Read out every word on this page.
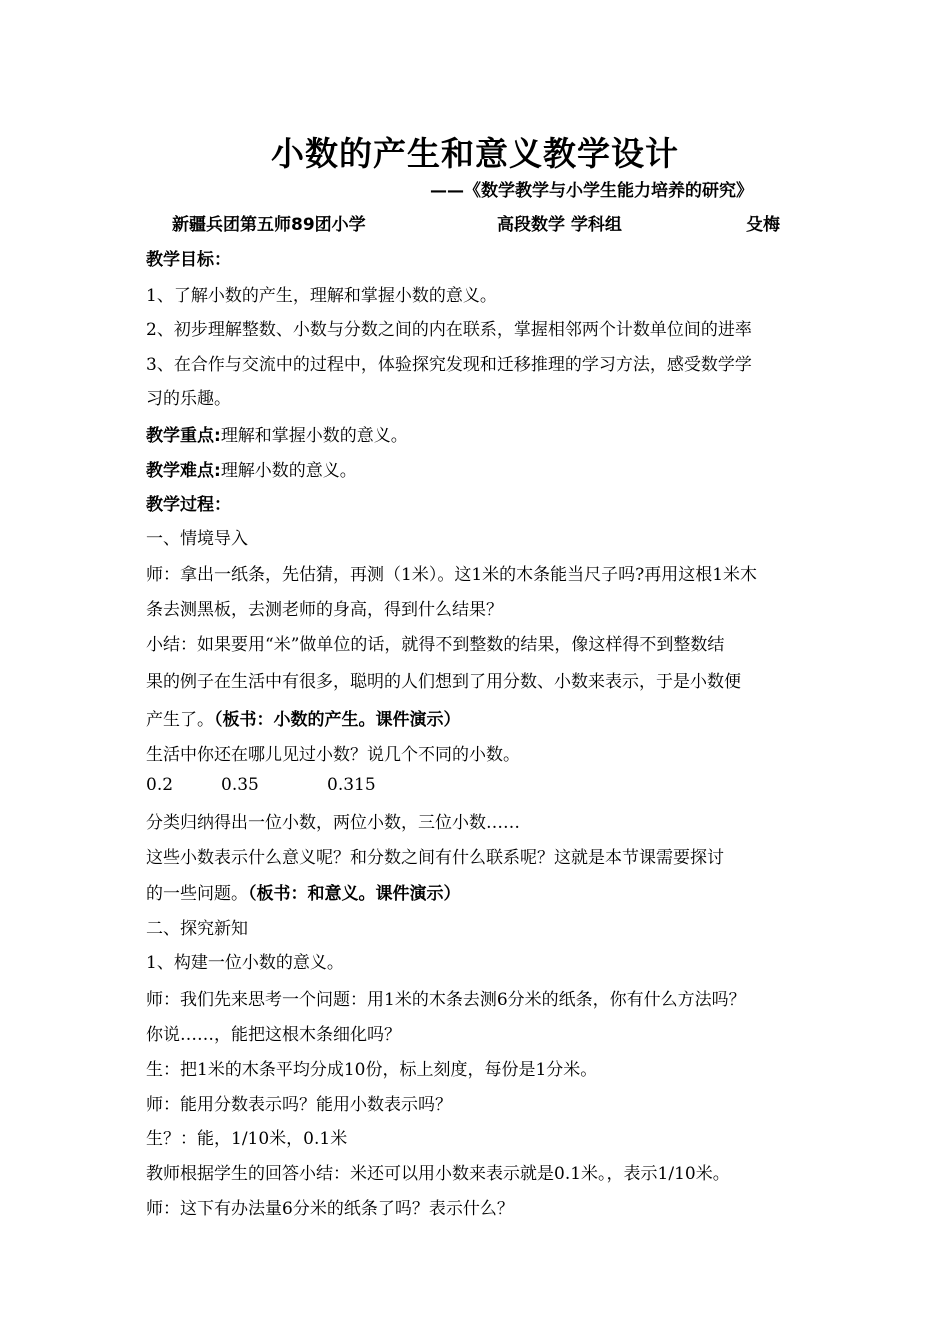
小数的产生和意义教学设计
——《数学教学与小学生能力培养的研究》
新疆兵团第五师89团小学	高段数学 学科组	殳梅
教学目标：
1、了解小数的产生，理解和掌握小数的意义。
2、初步理解整数、小数与分数之间的内在联系，掌握相邻两个计数单位间的进率
3、在合作与交流中的过程中，体验探究发现和迁移推理的学习方法，感受数学学
习的乐趣。
教学重点:理解和掌握小数的意义。
教学难点:理解小数的意义。
教学过程：
一、情境导入
师：拿出一纸条，先估猜，再测（1米）。这1米的木条能当尺子吗?再用这根1米木
条去测黑板，去测老师的身高，得到什么结果？
小结：如果要用“米”做单位的话，就得不到整数的结果，像这样得不到整数结
果的例子在生活中有很多，聪明的人们想到了用分数、小数来表示，于是小数便
产生了。（板书：小数的产生。课件演示）
生活中你还在哪儿见过小数？说几个不同的小数。
0.2	0.35	0.315
分类归纳得出一位小数，两位小数，三位小数……
这些小数表示什么意义呢？和分数之间有什么联系呢？这就是本节课需要探讨
的一些问题。（板书：和意义。课件演示）
二、探究新知
1、构建一位小数的意义。
师：我们先来思考一个问题：用1米的木条去测6分米的纸条，你有什么方法吗？
你说……，能把这根木条细化吗？
生：把1米的木条平均分成10份，标上刻度，每份是1分米。
师：能用分数表示吗？能用小数表示吗？
生？：能，1/10米，0.1米
教师根据学生的回答小结：米还可以用小数来表示就是0.1米。，表示1/10米。
师：这下有办法量6分米的纸条了吗？表示什么？
